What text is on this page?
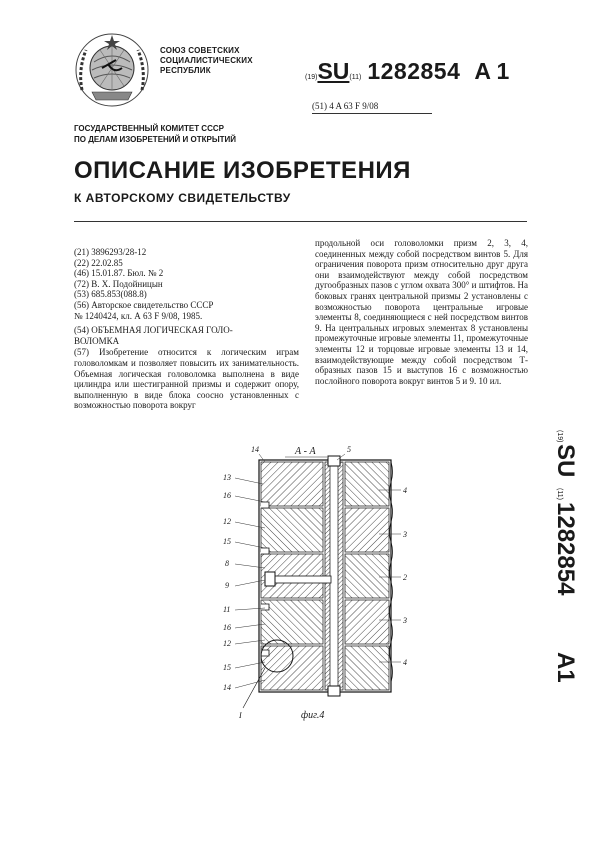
СОЮЗ СОВЕТСКИХ
СОЦИАЛИСТИЧЕСКИХ
РЕСПУБЛИК
(19)SU(11) 1282854 A 1
(51) 4 A 63 F 9/08
ГОСУДАРСТВЕННЫЙ КОМИТЕТ СССР
ПО ДЕЛАМ ИЗОБРЕТЕНИЙ И ОТКРЫТИЙ
ОПИСАНИЕ ИЗОБРЕТЕНИЯ
К АВТОРСКОМУ СВИДЕТЕЛЬСТВУ
(21) 3896293/28-12
(22) 22.02.85
(46) 15.01.87. Бюл. № 2
(72) В. Х. Подойницын
(53) 685.853(088.8)
(56) Авторское свидетельство СССР
№ 1240424, кл. А 63 F 9/08, 1985.
(54) ОБЪЕМНАЯ ЛОГИЧЕСКАЯ ГОЛО-
ВОЛОМКА
(57) Изобретение относится к логическим играм головоломкам и позволяет повысить их занимательность. Объемная логическая головоломка выполнена в виде цилиндра или шестигранной призмы и содержит опору, выполненную в виде блока соосно установленных с возможностью поворота вокруг
продольной оси головоломки призм 2, 3, 4, соединенных между собой посредством винтов 5. Для ограничения поворота призм относительно друг друга они взаимодействуют между собой посредством дугообразных пазов с углом охвата 300° и штифтов. На боковых гранях центральной призмы 2 установлены с возможностью поворота центральные игровые элементы 8, соединяющиеся с ней посредством винтов 9. На центральных игровых элементах 8 установлены промежуточные игровые элементы 11, промежуточные элементы 12 и торцовые игровые элементы 13 и 14, взаимодействующие между собой посредством Т-образных пазов 15 и выступов 16 с возможностью послойного поворота вокруг винтов 5 и 9. 10 ил.
(19)
SU
(11)
1282854
A1
А - А
13
16
12
15
8
9
11
16
12
15
14
14	5
4
3
2
3
4
I	фиг.4
